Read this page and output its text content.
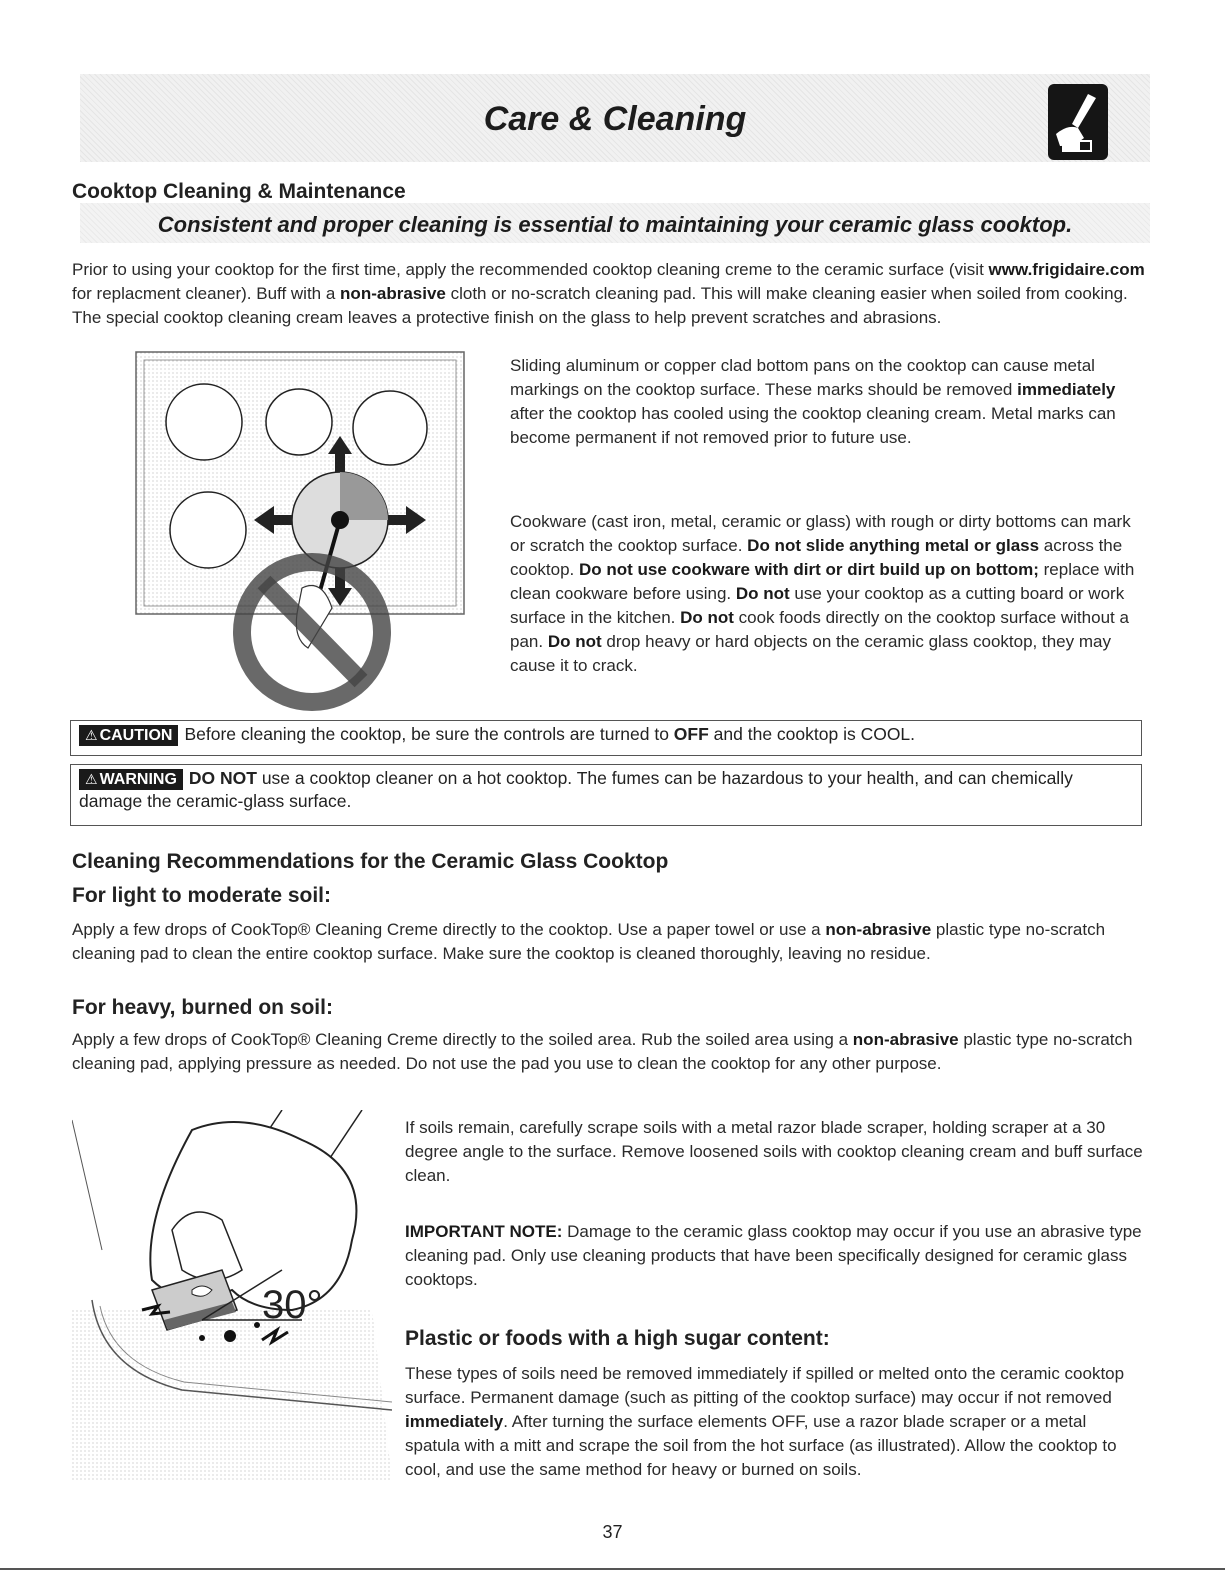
Care & Cleaning
Cooktop Cleaning & Maintenance
Consistent and proper cleaning is essential to maintaining your ceramic glass cooktop.
Prior to using your cooktop for the first time, apply the recommended cooktop cleaning creme to the ceramic surface (visit www.frigidaire.com for replacment cleaner). Buff with a non-abrasive cloth or no-scratch cleaning pad. This will make cleaning easier when soiled from cooking. The special cooktop cleaning cream leaves a protective finish on the glass to help prevent scratches and abrasions.
Sliding aluminum or copper clad bottom pans on the cooktop can cause metal markings on the cooktop surface. These marks should be removed immediately after the cooktop has cooled using the cooktop cleaning cream. Metal marks can become permanent if not removed prior to future use.
Cookware (cast iron, metal, ceramic or glass) with rough or dirty bottoms can mark or scratch the cooktop surface. Do not slide anything metal or glass across the cooktop. Do not use cookware with dirt or dirt build up on bottom; replace with clean cookware before using. Do not use your cooktop as a cutting board or work surface in the kitchen. Do not cook foods directly on the cooktop surface without a pan. Do not drop heavy or hard objects on the ceramic glass cooktop, they may cause it to crack.
⚠ CAUTION Before cleaning the cooktop, be sure the controls are turned to OFF and the cooktop is COOL.
⚠ WARNING DO NOT use a cooktop cleaner on a hot cooktop. The fumes can be hazardous to your health, and can chemically damage the ceramic-glass surface.
Cleaning Recommendations for the Ceramic Glass Cooktop
For light to moderate soil:
Apply a few drops of CookTop® Cleaning Creme directly to the cooktop. Use a paper towel or use a non-abrasive plastic type no-scratch cleaning pad to clean the entire cooktop surface. Make sure the cooktop is cleaned thoroughly, leaving no residue.
For heavy, burned on soil:
Apply a few drops of CookTop® Cleaning Creme directly to the soiled area. Rub the soiled area using a non-abrasive plastic type no-scratch cleaning pad, applying pressure as needed. Do not use the pad you use to clean the cooktop for any other purpose.
30°
If soils remain, carefully scrape soils with a metal razor blade scraper, holding scraper at a 30 degree angle to the surface. Remove loosened soils with cooktop cleaning cream and buff surface clean.
IMPORTANT NOTE: Damage to the ceramic glass cooktop may occur if you use an abrasive type cleaning pad. Only use cleaning products that have been specifically designed for ceramic glass cooktops.
Plastic or foods with a high sugar content:
These types of soils need be removed immediately if spilled or melted onto the ceramic cooktop surface. Permanent damage (such as pitting of the cooktop surface) may occur if not removed immediately. After turning the surface elements OFF, use a razor blade scraper or a metal spatula with a mitt and scrape the soil from the hot surface (as illustrated). Allow the cooktop to cool, and use the same method for heavy or burned on soils.
37
